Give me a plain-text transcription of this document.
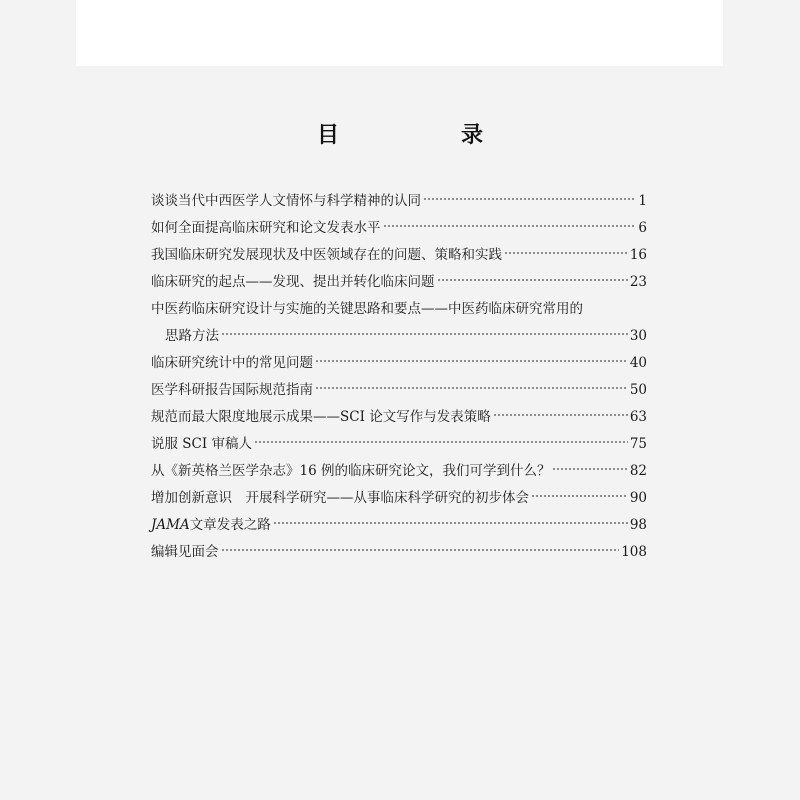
目　录
谈谈当代中西医学人文情怀与科学精神的认同	1
如何全面提高临床研究和论文发表水平	6
我国临床研究发展现状及中医领域存在的问题、策略和实践	16
临床研究的起点——发现、提出并转化临床问题	23
中医药临床研究设计与实施的关键思路和要点——中医药临床研究常用的
思路方法	30
临床研究统计中的常见问题	40
医学科研报告国际规范指南	50
规范而最大限度地展示成果——SCI 论文写作与发表策略	63
说服 SCI 审稿人	75
从《新英格兰医学杂志》16 例的临床研究论文，我们可学到什么？	82
增加创新意识　开展科学研究——从事临床科学研究的初步体会	90
JAMA 文章发表之路	98
编辑见面会	108
